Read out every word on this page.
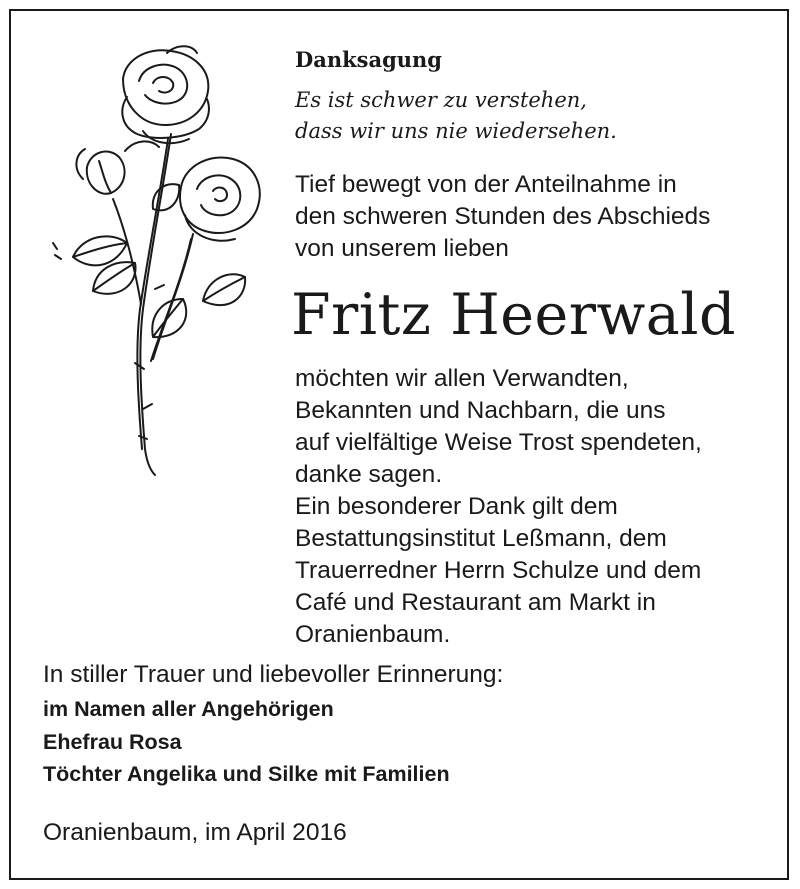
Danksagung
Es ist schwer zu verstehen,
dass wir uns nie wiedersehen.
Tief bewegt von der Anteilnahme in
den schweren Stunden des Abschieds
von unserem lieben
Fritz Heerwald
möchten wir allen Verwandten,
Bekannten und Nachbarn, die uns
auf vielfältige Weise Trost spendeten,
danke sagen.
Ein besonderer Dank gilt dem
Bestattungsinstitut Leßmann, dem
Trauerredner Herrn Schulze und dem
Café und Restaurant am Markt in
Oranienbaum.
In stiller Trauer und liebevoller Erinnerung:
im Namen aller Angehörigen
Ehefrau Rosa
Töchter Angelika und Silke mit Familien
Oranienbaum, im April 2016
